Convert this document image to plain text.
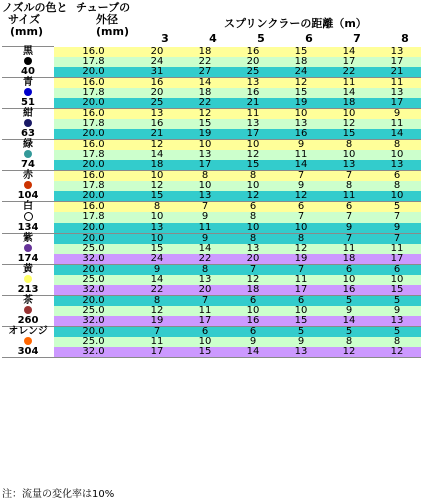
ノズルの色と
サイズ
(mm)
チューブの
外径
(mm)
スプリンクラーの距離（m）
3	4	5	6	7	8
黒	16.0	20	18	16	15	14	13
	17.8	24	22	20	18	17	17
40	20.0	31	27	25	24	22	21
青	16.0	16	14	13	12	11	11
	17.8	20	18	16	15	14	13
51	20.0	25	22	21	19	18	17
紺	16.0	13	12	11	10	10	9
	17.8	16	15	13	13	12	11
63	20.0	21	19	17	16	15	14
緑	16.0	12	10	10	9	8	8
	17.8	14	13	12	11	10	10
74	20.0	18	17	15	14	13	13
赤	16.0	10	8	8	7	7	6
	17.8	12	10	10	9	8	8
104	20.0	15	13	12	12	11	10
白	16.0	8	7	6	6	6	5
	17.8	10	9	8	7	7	7
134	20.0	13	11	10	10	9	9
紫	20.0	10	9	8	8	7	7
	25.0	15	14	13	12	11	11
174	32.0	24	22	20	19	18	17
黄	20.0	9	8	7	7	6	6
	25.0	14	13	12	11	10	10
213	32.0	22	20	18	17	16	15
茶	20.0	8	7	6	6	5	5
	25.0	12	11	10	10	9	9
260	32.0	19	17	16	15	14	13
オレンジ	20.0	7	6	6	5	5	5
	25.0	11	10	9	9	8	8
304	32.0	17	15	14	13	12	12
注：流量の変化率は10%
